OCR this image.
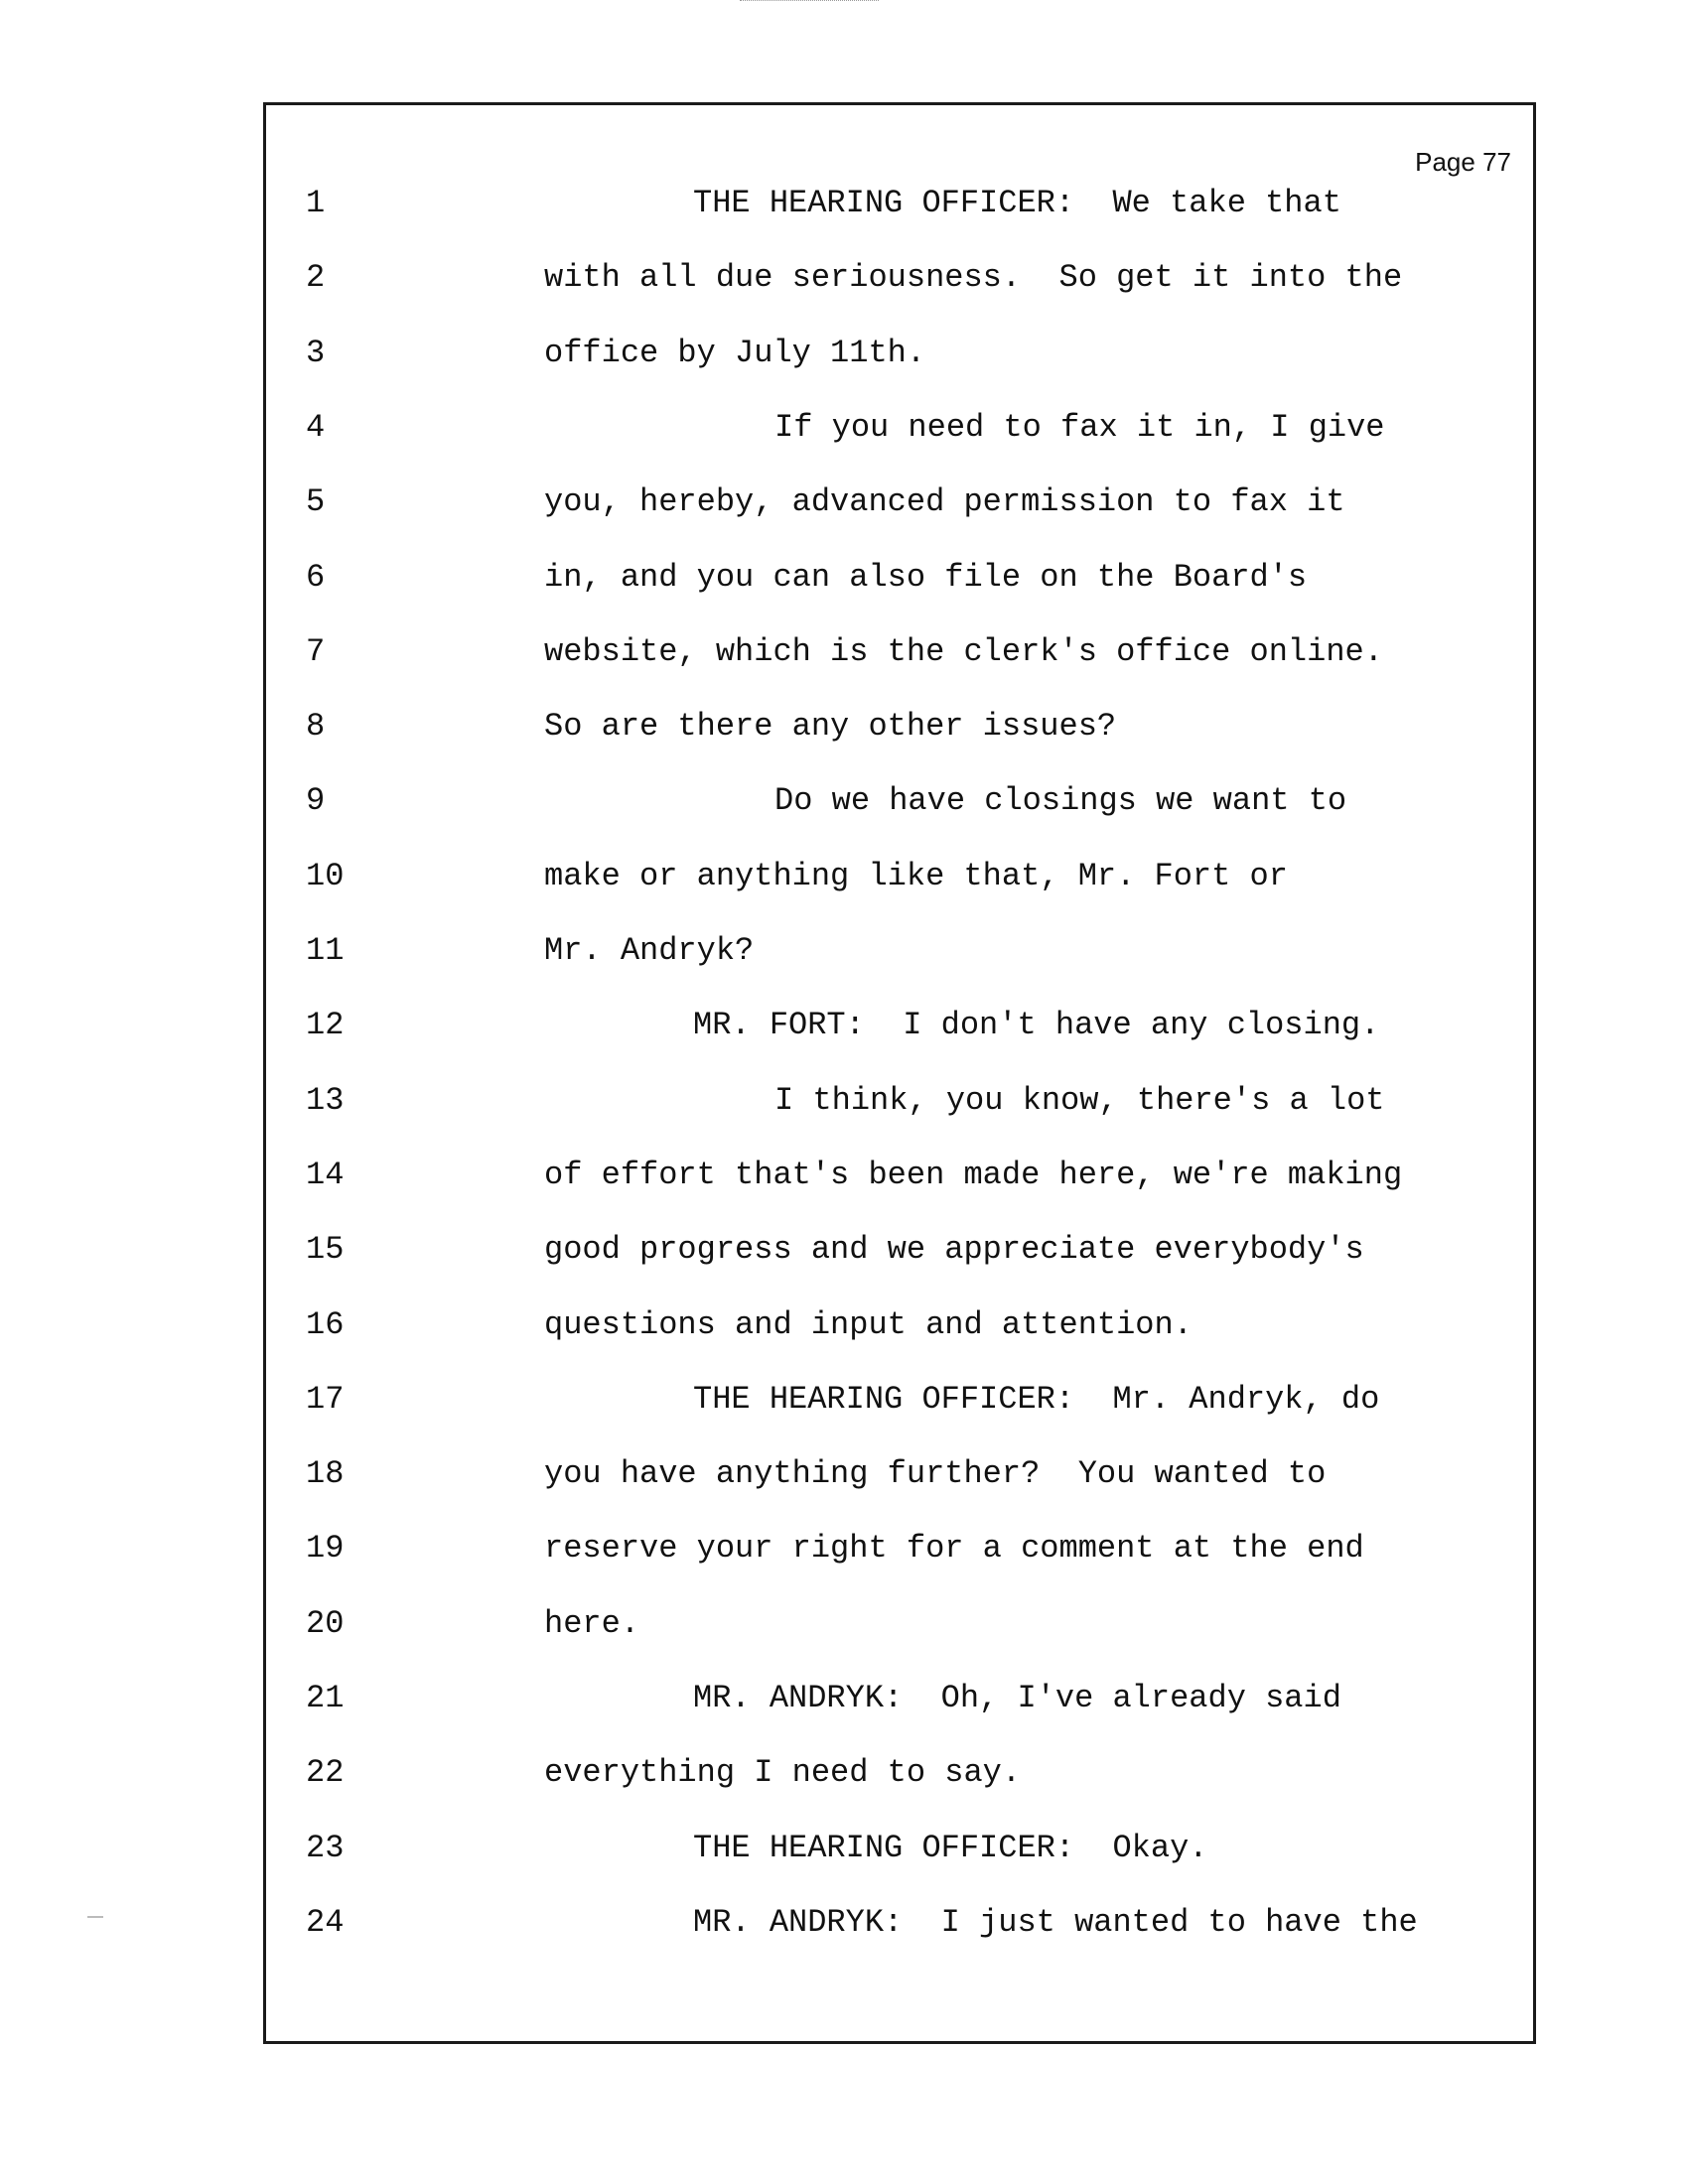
Page 77
1	THE HEARING OFFICER:  We take that
2	with all due seriousness.  So get it into the
3	office by July 11th.
4	If you need to fax it in, I give
5	you, hereby, advanced permission to fax it
6	in, and you can also file on the Board's
7	website, which is the clerk's office online.
8	So are there any other issues?
9	Do we have closings we want to
10	make or anything like that, Mr. Fort or
11	Mr. Andryk?
12	MR. FORT:  I don't have any closing.
13	I think, you know, there's a lot
14	of effort that's been made here, we're making
15	good progress and we appreciate everybody's
16	questions and input and attention.
17	THE HEARING OFFICER:  Mr. Andryk, do
18	you have anything further?  You wanted to
19	reserve your right for a comment at the end
20	here.
21	MR. ANDRYK:  Oh, I've already said
22	everything I need to say.
23	THE HEARING OFFICER:  Okay.
24	MR. ANDRYK:  I just wanted to have the
